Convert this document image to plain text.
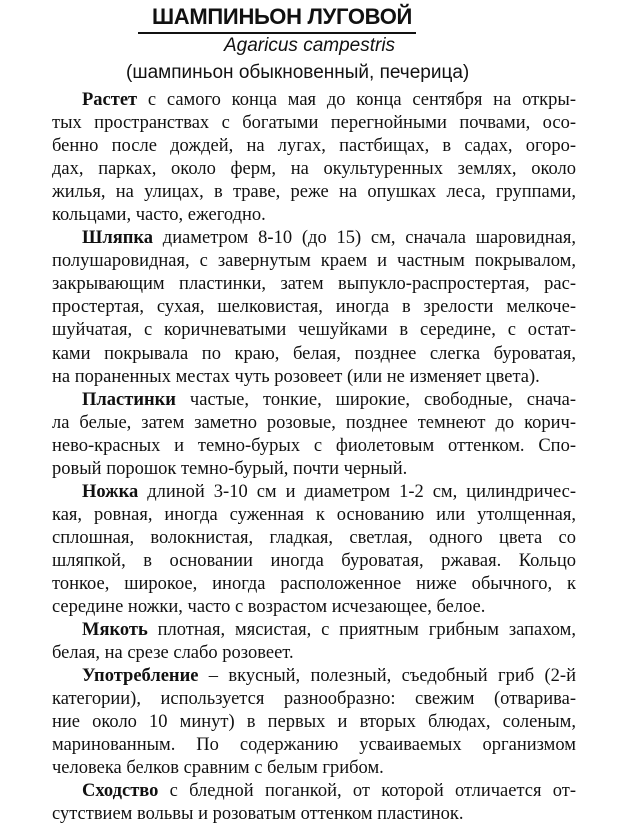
ШАМПИНЬОН ЛУГОВОЙ
Agaricus campestris
(шампиньон обыкновенный, печерица)
Растет с самого конца мая до конца сентября на откры-
тых пространствах с богатыми перегнойными почвами, осо-
бенно после дождей, на лугах, пастбищах, в садах, огоро-
дах, парках, около ферм, на окультуренных землях, около
жилья, на улицах, в траве, реже на опушках леса, группами,
кольцами, часто, ежегодно.
Шляпка диаметром 8-10 (до 15) см, сначала шаровидная,
полушаровидная, с завернутым краем и частным покрывалом,
закрывающим пластинки, затем выпукло-распростертая, рас-
простертая, сухая, шелковистая, иногда в зрелости мелкоче-
шуйчатая, с коричневатыми чешуйками в середине, с остат-
ками покрывала по краю, белая, позднее слегка буроватая,
на пораненных местах чуть розовеет (или не изменяет цвета).
Пластинки частые, тонкие, широкие, свободные, снача-
ла белые, затем заметно розовые, позднее темнеют до корич-
нево-красных и темно-бурых с фиолетовым оттенком. Спо-
ровый порошок темно-бурый, почти черный.
Ножка длиной 3-10 см и диаметром 1-2 см, цилиндричес-
кая, ровная, иногда суженная к основанию или утолщенная,
сплошная, волокнистая, гладкая, светлая, одного цвета со
шляпкой, в основании иногда буроватая, ржавая. Кольцо
тонкое, широкое, иногда расположенное ниже обычного, к
середине ножки, часто с возрастом исчезающее, белое.
Мякоть плотная, мясистая, с приятным грибным запахом,
белая, на срезе слабо розовеет.
Употребление – вкусный, полезный, съедобный гриб (2-й
категории), используется разнообразно: свежим (отварива-
ние около 10 минут) в первых и вторых блюдах, соленым,
маринованным. По содержанию усваиваемых организмом
человека белков сравним с белым грибом.
Сходство с бледной поганкой, от которой отличается от-
сутствием вольвы и розоватым оттенком пластинок.
